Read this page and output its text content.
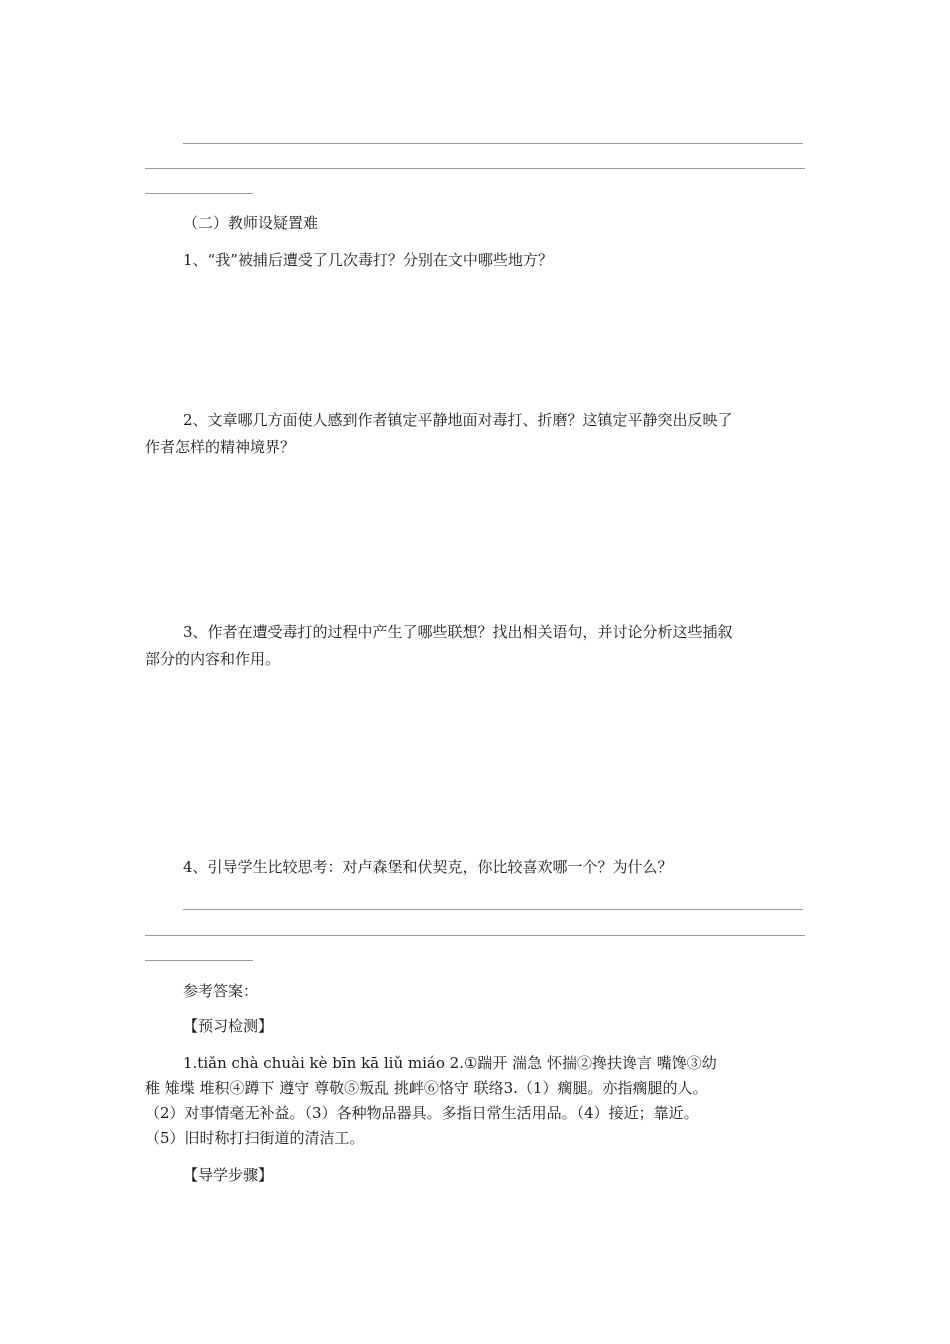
（二）教师设疑置难
1、“我”被捕后遭受了几次毒打？分别在文中哪些地方？
2、文章哪几方面使人感到作者镇定平静地面对毒打、折磨？这镇定平静突出反映了
作者怎样的精神境界？
3、作者在遭受毒打的过程中产生了哪些联想？找出相关语句，并讨论分析这些插叙
部分的内容和作用。
4、引导学生比较思考：对卢森堡和伏契克，你比较喜欢哪一个？为什么？
参考答案：
【预习检测】
1.tiǎn chà chuài kè bīn kā liǔ miáo 2.①踹开 湍急 怀揣②搀扶谗言 嘴馋③幼
稚 雉堞 堆积④蹲下 遵守 尊敬⑤叛乱 挑衅⑥恪守 联络3.（1）瘸腿。亦指瘸腿的人。
（2）对事情毫无补益。（3）各种物品器具。多指日常生活用品。（4）接近；靠近。
（5）旧时称打扫街道的清洁工。
【导学步骤】
